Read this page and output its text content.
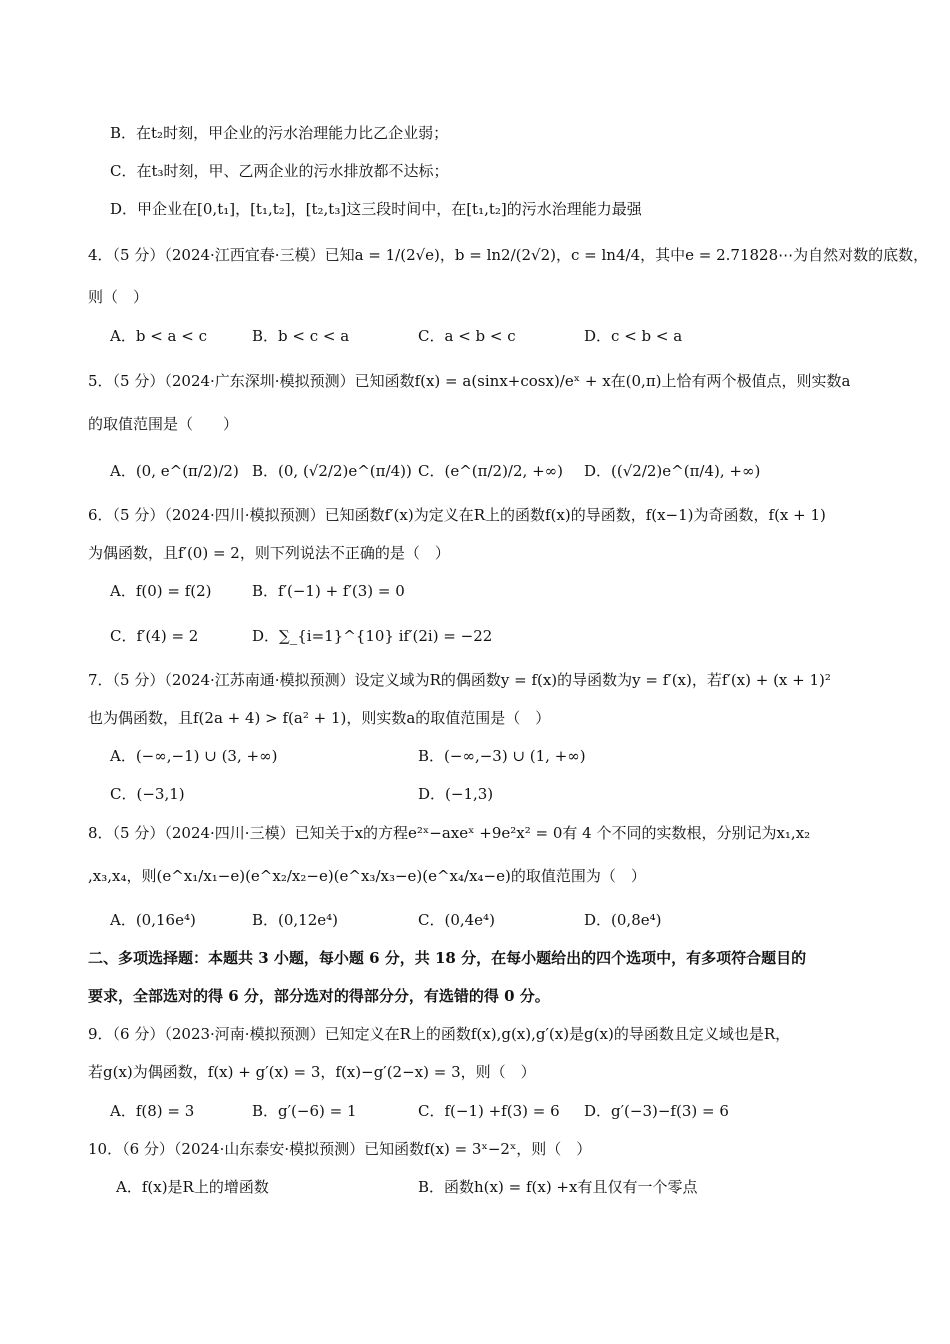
B．在t₂时刻，甲企业的污水治理能力比乙企业弱；
C．在t₃时刻，甲、乙两企业的污水排放都不达标；
D．甲企业在[0,t₁]，[t₁,t₂]，[t₂,t₃]这三段时间中，在[t₁,t₂]的污水治理能力最强
4．（5 分）（2024·江西宜春·三模）已知a = 1/(2√e)，b = ln2/(2√2)，c = ln4/4，其中e = 2.71828⋯为自然对数的底数，
则（　）
A．b < a < c	B．b < c < a	C．a < b < c	D．c < b < a
5．（5 分）（2024·广东深圳·模拟预测）已知函数f(x) = a(sinx+cosx)/eˣ + x在(0,π)上恰有两个极值点，则实数a
的取值范围是（　　）
A．(0, e^(π/2)/2) B．(0, (√2/2)e^(π/4)) C．(e^(π/2)/2, +∞) D．((√2/2)e^(π/4), +∞)
6．（5 分）（2024·四川·模拟预测）已知函数f′(x)为定义在R上的函数f(x)的导函数，f(x−1)为奇函数，f(x + 1)
为偶函数，且f′(0) = 2，则下列说法不正确的是（　）
A．f(0) = f(2)	B．f′(−1) + f′(3) = 0
C．f′(4) = 2	D．∑_{i=1}^{10} if′(2i) = −22
7．（5 分）（2024·江苏南通·模拟预测）设定义域为R的偶函数y = f(x)的导函数为y = f′(x)，若f′(x) + (x + 1)²
也为偶函数，且f(2a + 4) > f(a² + 1)，则实数a的取值范围是（　）
A．(−∞,−1) ∪ (3, +∞)	B．(−∞,−3) ∪ (1, +∞)
C．(−3,1)	D．(−1,3)
8．（5 分）（2024·四川·三模）已知关于x的方程e²ˣ−axeˣ +9e²x² = 0有 4 个不同的实数根，分别记为x₁,x₂
,x₃,x₄，则(e^x₁/x₁−e)(e^x₂/x₂−e)(e^x₃/x₃−e)(e^x₄/x₄−e)的取值范围为（　）
A．(0,16e⁴)	B．(0,12e⁴)	C．(0,4e⁴)	D．(0,8e⁴)
二、多项选择题：本题共 3 小题，每小题 6 分，共 18 分，在每小题给出的四个选项中，有多项符合题目的
要求，全部选对的得 6 分，部分选对的得部分分，有选错的得 0 分。
9．（6 分）（2023·河南·模拟预测）已知定义在R上的函数f(x),g(x),g′(x)是g(x)的导函数且定义域也是R，
若g(x)为偶函数，f(x) + g′(x) = 3，f(x)−g′(2−x) = 3，则（　）
A．f(8) = 3	B．g′(−6) = 1	C．f(−1) +f(3) = 6 D．g′(−3)−f(3) = 6
10．（6 分）（2024·山东泰安·模拟预测）已知函数f(x) = 3ˣ−2ˣ，则（　）
A．f(x)是R上的增函数	B．函数h(x) = f(x) +x有且仅有一个零点
